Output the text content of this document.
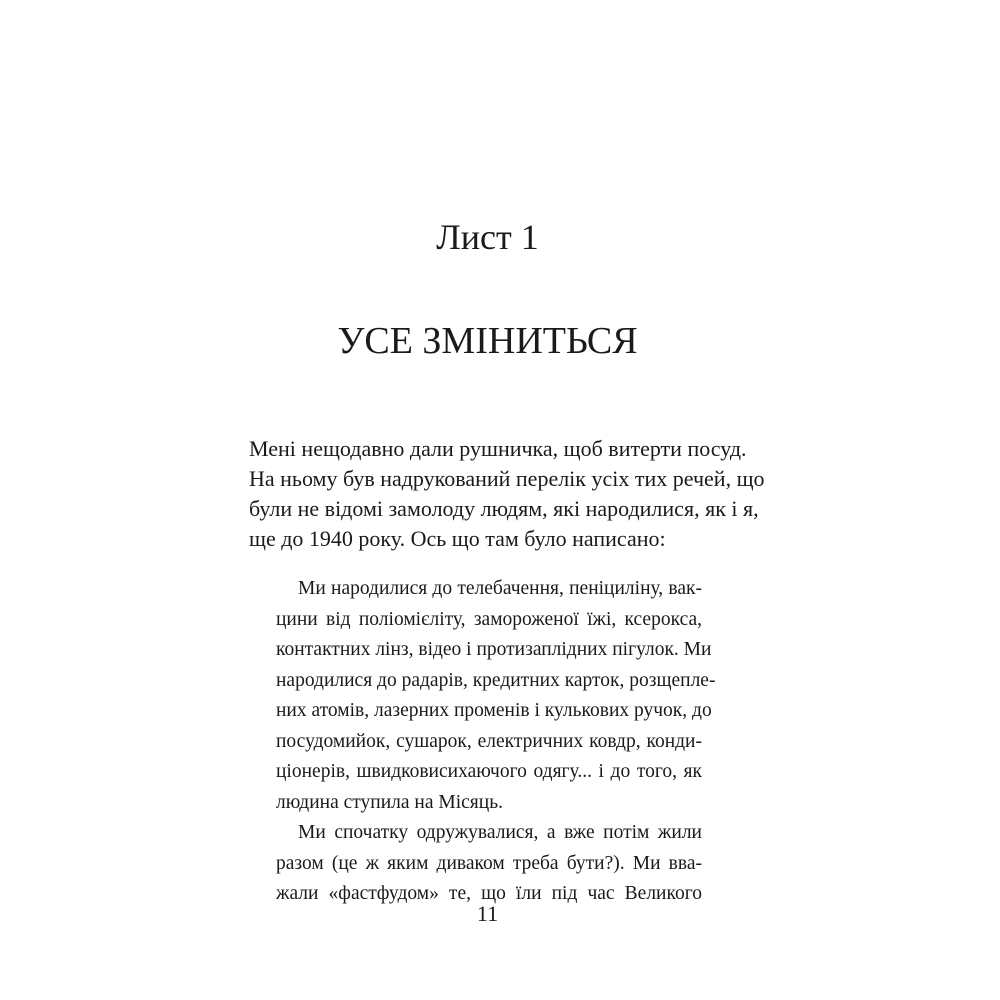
Лист 1
УСЕ ЗМІНИТЬСЯ

Мені нещодавно дали рушничка, щоб витерти посуд.
На ньому був надрукований перелік усіх тих речей, що
були не відомі замолоду людям, які народилися, як і я,
ще до 1940 року. Ось що там було написано:

Ми народилися до телебачення, пеніциліну, вак-
цини від поліомієліту, замороженої їжі, ксерокса,
контактних лінз, відео і протизаплідних пігулок. Ми
народилися до радарів, кредитних карток, розщепле-
них атомів, лазерних променів і кулькових ручок, до
посудомийок, сушарок, електричних ковдр, конди-
ціонерів, швидковисихаючого одягу... і до того, як
людина ступила на Місяць.

Ми спочатку одружувалися, а вже потім жили
разом (це ж яким диваком треба бути?). Ми вва-
жали «фастфудом» те, що їли під час Великого

11
